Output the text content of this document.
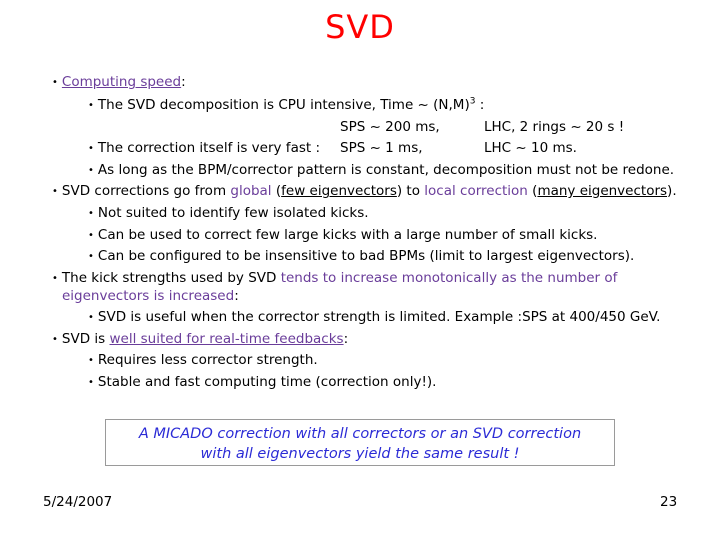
SVD
• Computing speed:
• The SVD decomposition is CPU intensive, Time ~ $(N,M)^3$ :
SPS ~ 200 ms,	LHC, 2 rings ~ 20 s !
• The correction itself is very fast : SPS ~ 1 ms,	LHC ~ 10 ms.
• As long as the BPM/corrector pattern is constant, decomposition must not be redone.
• SVD corrections go from global (few eigenvectors) to local correction (many eigenvectors).
• Not suited to identify few isolated kicks.
• Can be used to correct few large kicks with a large number of small kicks.
• Can be configured to be insensitive to bad BPMs (limit to largest eigenvectors).
• The kick strengths used by SVD tends to increase monotonically as the number of
eigenvectors is increased:
• SVD is useful when the corrector strength is limited. Example :SPS at 400/450 GeV.
• SVD is well suited for real-time feedbacks:
• Requires less corrector strength.
• Stable and fast computing time (correction only!).
A MICADO correction with all correctors or an SVD correction
with all eigenvectors yield the same result !
5/24/2007	23
